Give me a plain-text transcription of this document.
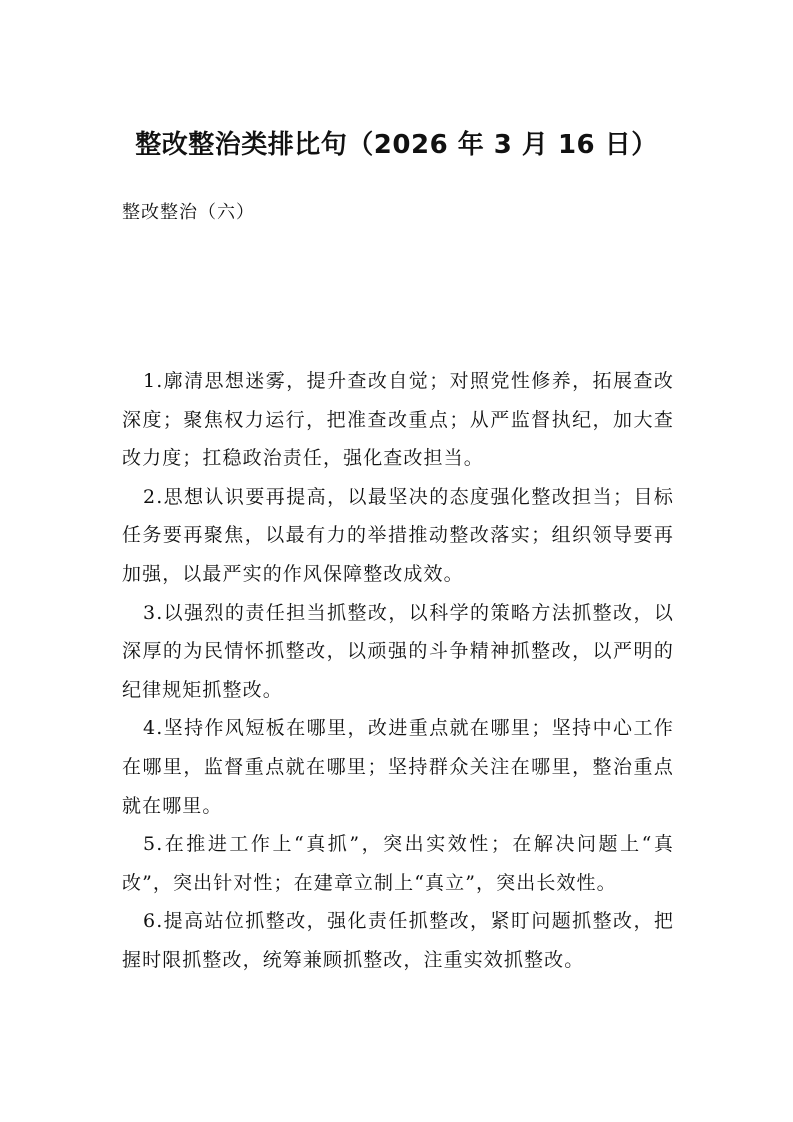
整改整治类排比句（2026 年 3 月 16 日）

整改整治（六）

1.廓清思想迷雾，提升查改自觉；对照党性修养，拓展查改深度；聚焦权力运行，把准查改重点；从严监督执纪，加大查改力度；扛稳政治责任，强化查改担当。

2.思想认识要再提高，以最坚决的态度强化整改担当；目标任务要再聚焦，以最有力的举措推动整改落实；组织领导要再加强，以最严实的作风保障整改成效。

3.以强烈的责任担当抓整改，以科学的策略方法抓整改，以深厚的为民情怀抓整改，以顽强的斗争精神抓整改，以严明的纪律规矩抓整改。

4.坚持作风短板在哪里，改进重点就在哪里；坚持中心工作在哪里，监督重点就在哪里；坚持群众关注在哪里，整治重点就在哪里。

5.在推进工作上“真抓”，突出实效性；在解决问题上“真改”，突出针对性；在建章立制上“真立”，突出长效性。

6.提高站位抓整改，强化责任抓整改，紧盯问题抓整改，把握时限抓整改，统筹兼顾抓整改，注重实效抓整改。
